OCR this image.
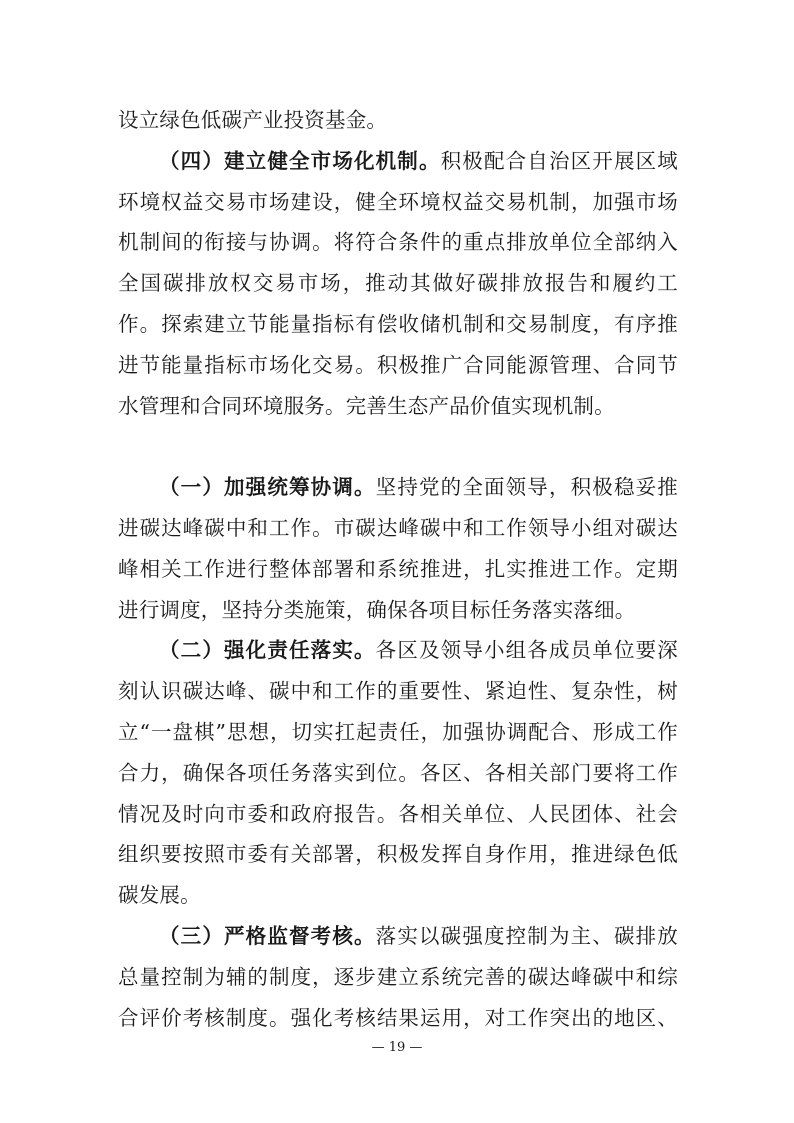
设立绿色低碳产业投资基金。
（四）建立健全市场化机制。积极配合自治区开展区域
环境权益交易市场建设，健全环境权益交易机制，加强市场
机制间的衔接与协调。将符合条件的重点排放单位全部纳入
全国碳排放权交易市场，推动其做好碳排放报告和履约工
作。探索建立节能量指标有偿收储机制和交易制度，有序推
进节能量指标市场化交易。积极推广合同能源管理、合同节
水管理和合同环境服务。完善生态产品价值实现机制。
（一）加强统筹协调。坚持党的全面领导，积极稳妥推
进碳达峰碳中和工作。市碳达峰碳中和工作领导小组对碳达
峰相关工作进行整体部署和系统推进，扎实推进工作。定期
进行调度，坚持分类施策，确保各项目标任务落实落细。
（二）强化责任落实。各区及领导小组各成员单位要深
刻认识碳达峰、碳中和工作的重要性、紧迫性、复杂性，树
立“一盘棋”思想，切实扛起责任，加强协调配合、形成工作
合力，确保各项任务落实到位。各区、各相关部门要将工作
情况及时向市委和政府报告。各相关单位、人民团体、社会
组织要按照市委有关部署，积极发挥自身作用，推进绿色低
碳发展。
（三）严格监督考核。落实以碳强度控制为主、碳排放
总量控制为辅的制度，逐步建立系统完善的碳达峰碳中和综
合评价考核制度。强化考核结果运用，对工作突出的地区、
— 19 —
